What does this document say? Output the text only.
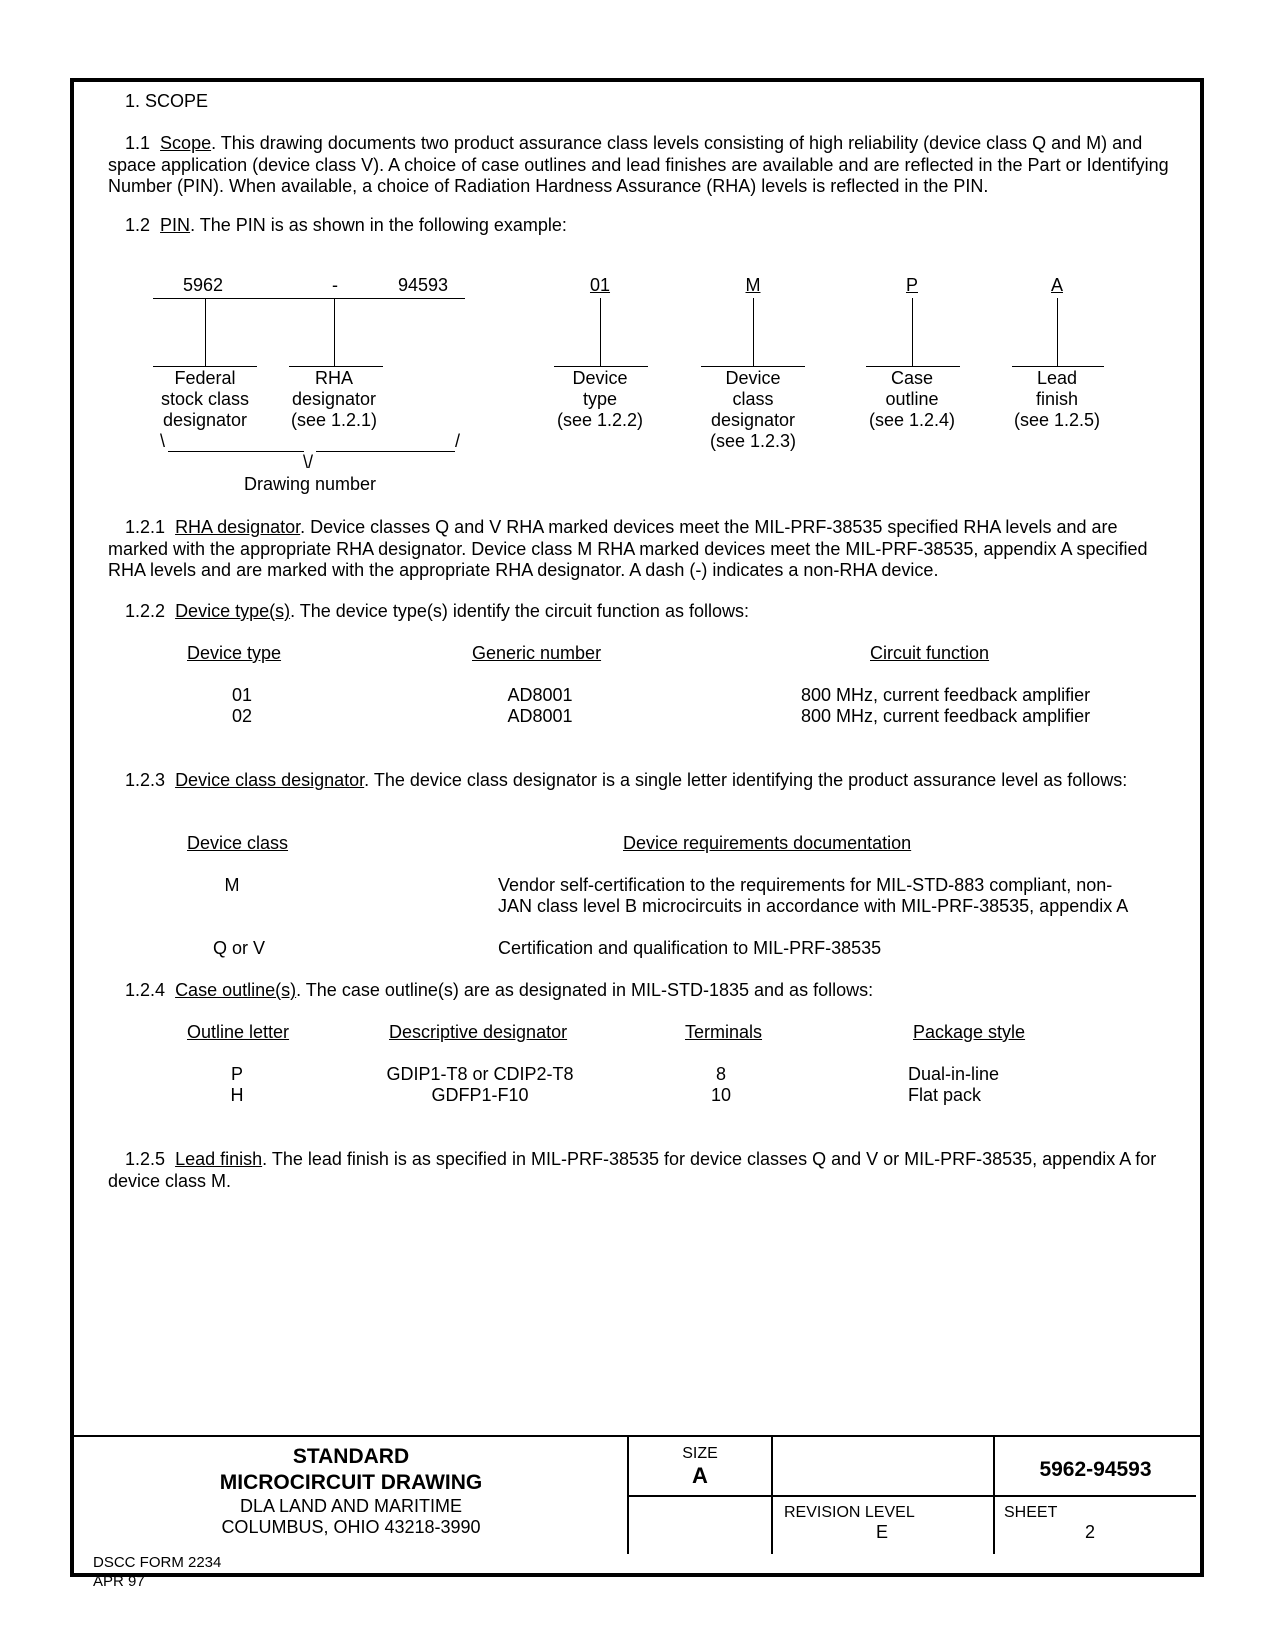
1. SCOPE
1.1 Scope. This drawing documents two product assurance class levels consisting of high reliability (device class Q and M) and space application (device class V). A choice of case outlines and lead finishes are available and are reflected in the Part or Identifying Number (PIN). When available, a choice of Radiation Hardness Assurance (RHA) levels is reflected in the PIN.
1.2 PIN. The PIN is as shown in the following example:
5962	-	94593	01	M	P	A
Federal
stock class
designator
RHA
designator
(see 1.2.1)
Device
type
(see 1.2.2)
Device
class
designator
(see 1.2.3)
Case
outline
(see 1.2.4)
Lead
finish
(see 1.2.5)
\	/
\/
Drawing number
1.2.1 RHA designator. Device classes Q and V RHA marked devices meet the MIL-PRF-38535 specified RHA levels and are marked with the appropriate RHA designator. Device class M RHA marked devices meet the MIL-PRF-38535, appendix A specified RHA levels and are marked with the appropriate RHA designator. A dash (-) indicates a non-RHA device.
1.2.2 Device type(s). The device type(s) identify the circuit function as follows:
Device type	Generic number	Circuit function
01	AD8001	800 MHz, current feedback amplifier
02	AD8001	800 MHz, current feedback amplifier
1.2.3 Device class designator. The device class designator is a single letter identifying the product assurance level as follows:
Device class	Device requirements documentation
M	Vendor self-certification to the requirements for MIL-STD-883 compliant, non-
JAN class level B microcircuits in accordance with MIL-PRF-38535, appendix A
Q or V	Certification and qualification to MIL-PRF-38535
1.2.4 Case outline(s). The case outline(s) are as designated in MIL-STD-1835 and as follows:
Outline letter	Descriptive designator	Terminals	Package style
P	GDIP1-T8 or CDIP2-T8	8	Dual-in-line
H	GDFP1-F10	10	Flat pack
1.2.5 Lead finish. The lead finish is as specified in MIL-PRF-38535 for device classes Q and V or MIL-PRF-38535, appendix A for device class M.
STANDARD
MICROCIRCUIT DRAWING
DLA LAND AND MARITIME
COLUMBUS, OHIO 43218-3990
SIZE
A	5962-94593
REVISION LEVEL
E
SHEET
2
DSCC FORM 2234
APR 97
